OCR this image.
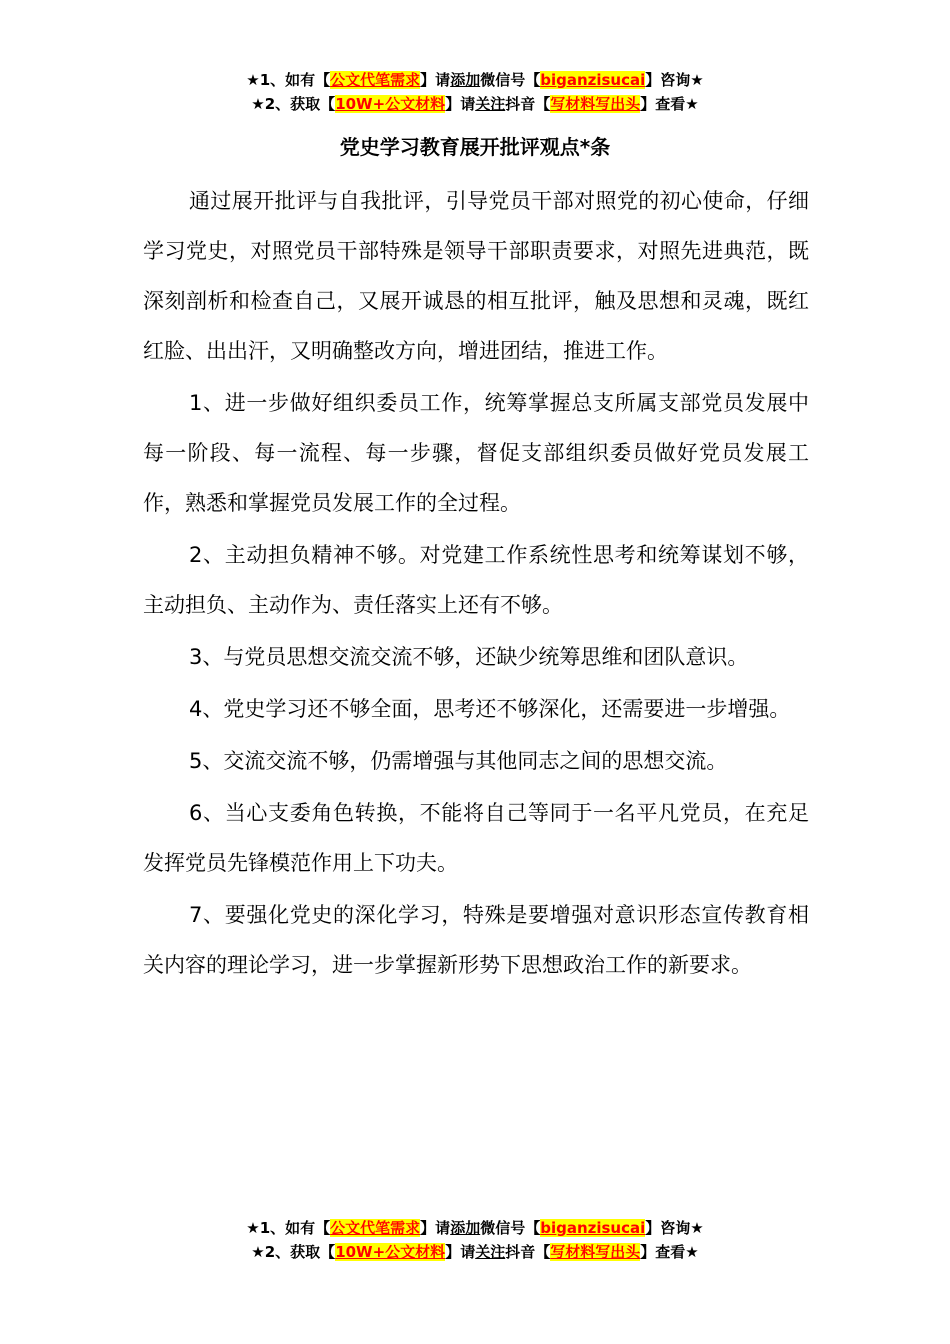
★1、如有【公文代笔需求】请添加微信号【biganzisucai】咨询★
★2、获取【10W+公文材料】请关注抖音【写材料写出头】查看★
党史学习教育展开批评观点*条

通过展开批评与自我批评，引导党员干部对照党的初心使命，仔细学习党史，对照党员干部特殊是领导干部职责要求，对照先进典范，既深刻剖析和检查自己，又展开诚恳的相互批评，触及思想和灵魂，既红红脸、出出汗，又明确整改方向，增进团结，推进工作。

1、进一步做好组织委员工作，统筹掌握总支所属支部党员发展中每一阶段、每一流程、每一步骤，督促支部组织委员做好党员发展工作，熟悉和掌握党员发展工作的全过程。

2、主动担负精神不够。对党建工作系统性思考和统筹谋划不够，主动担负、主动作为、责任落实上还有不够。

3、与党员思想交流交流不够，还缺少统筹思维和团队意识。

4、党史学习还不够全面，思考还不够深化，还需要进一步增强。

5、交流交流不够，仍需增强与其他同志之间的思想交流。

6、当心支委角色转换，不能将自己等同于一名平凡党员，在充足发挥党员先锋模范作用上下功夫。

7、要强化党史的深化学习，特殊是要增强对意识形态宣传教育相关内容的理论学习，进一步掌握新形势下思想政治工作的新要求。

★1、如有【公文代笔需求】请添加微信号【biganzisucai】咨询★
★2、获取【10W+公文材料】请关注抖音【写材料写出头】查看★
